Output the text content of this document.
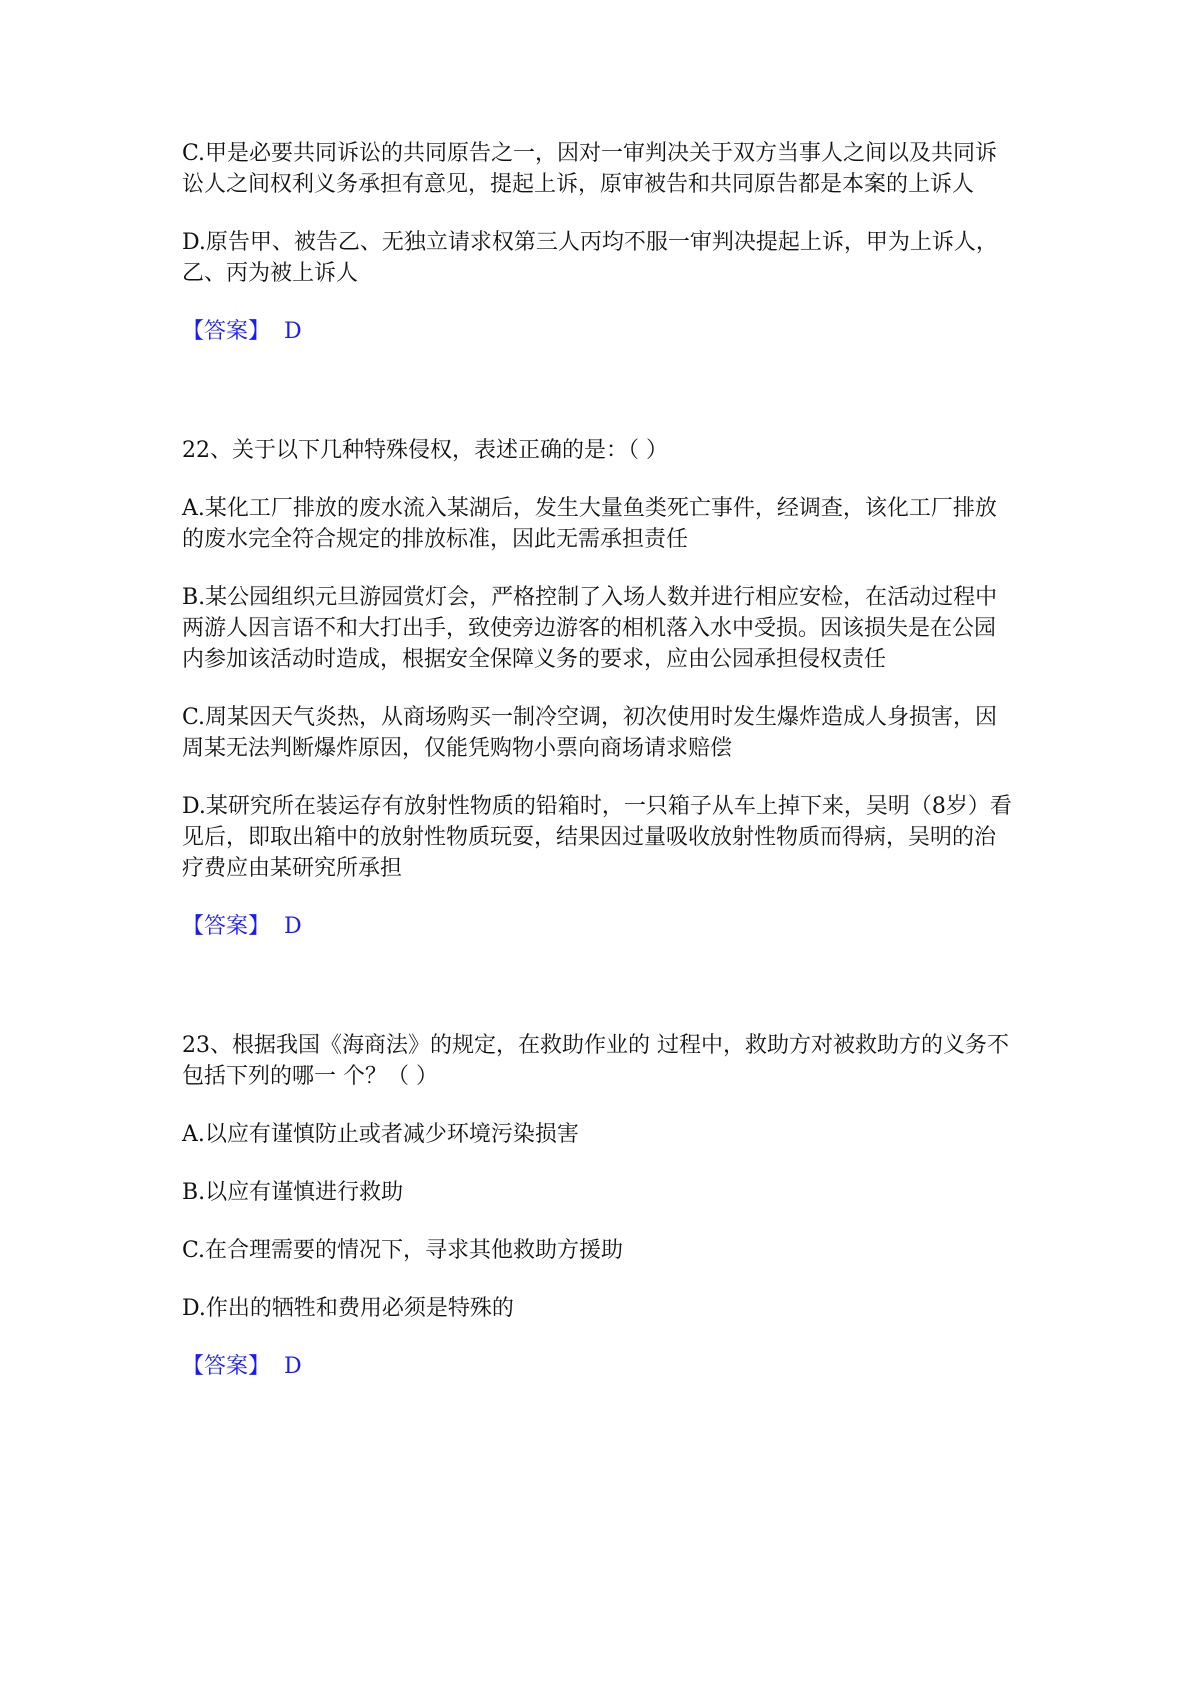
C.甲是必要共同诉讼的共同原告之一，因对一审判决关于双方当事人之间以及共同诉讼人之间权利义务承担有意见，提起上诉，原审被告和共同原告都是本案的上诉人

D.原告甲、被告乙、无独立请求权第三人丙均不服一审判决提起上诉，甲为上诉人，乙、丙为被上诉人

【答案】 D

22、关于以下几种特殊侵权，表述正确的是：（ ）

A.某化工厂排放的废水流入某湖后，发生大量鱼类死亡事件，经调查，该化工厂排放的废水完全符合规定的排放标准，因此无需承担责任

B.某公园组织元旦游园赏灯会，严格控制了入场人数并进行相应安检，在活动过程中两游人因言语不和大打出手，致使旁边游客的相机落入水中受损。因该损失是在公园内参加该活动时造成，根据安全保障义务的要求，应由公园承担侵权责任

C.周某因天气炎热，从商场购买一制冷空调，初次使用时发生爆炸造成人身损害，因周某无法判断爆炸原因，仅能凭购物小票向商场请求赔偿

D.某研究所在装运存有放射性物质的铅箱时，一只箱子从车上掉下来，吴明（8岁）看见后，即取出箱中的放射性物质玩耍，结果因过量吸收放射性物质而得病，吴明的治疗费应由某研究所承担

【答案】 D

23、根据我国《海商法》的规定，在救助作业的 过程中，救助方对被救助方的义务不包括下列的哪一 个？（ ）

A.以应有谨慎防止或者减少环境污染损害

B.以应有谨慎进行救助

C.在合理需要的情况下，寻求其他救助方援助

D.作出的牺牲和费用必须是特殊的

【答案】 D
